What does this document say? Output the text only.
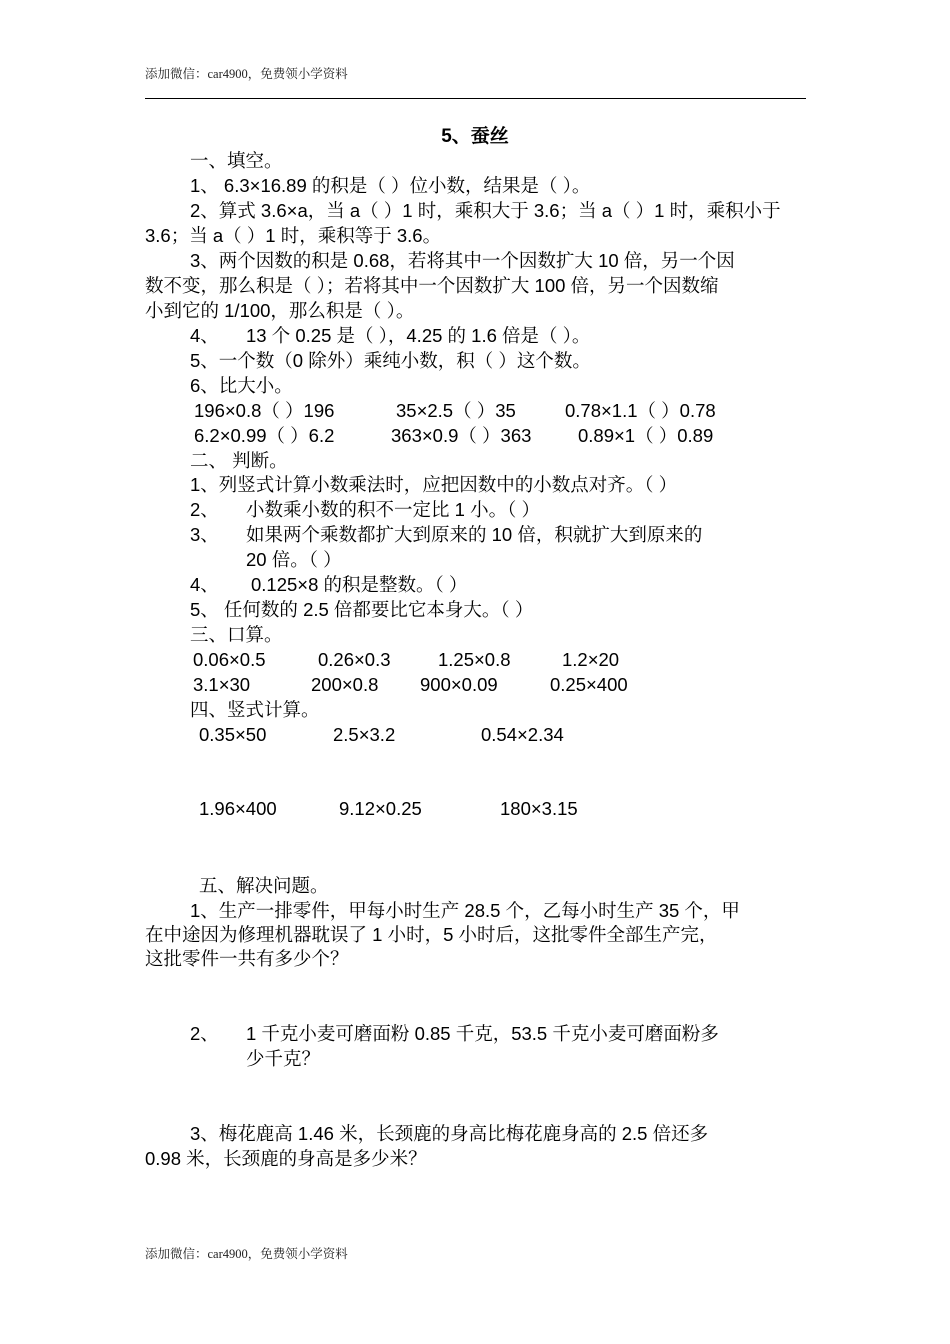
添加微信：car4900，免费领小学资料
5、蚕丝
一、填空。
1、 6.3×16.89 的积是（ ）位小数，结果是（ ）。
2、算式 3.6×a，当 a（ ）1 时，乘积大于 3.6；当 a（ ）1 时，乘积小于
3.6；当 a（ ）1 时，乘积等于 3.6。
3、两个因数的积是 0.68，若将其中一个因数扩大 10 倍，另一个因
数不变，那么积是（ ）；若将其中一个因数扩大 100 倍，另一个因数缩
小到它的 1/100，那么积是（ ）。
4、 13 个 0.25 是（ ），4.25 的 1.6 倍是（ ）。
5、一个数（0 除外）乘纯小数，积（ ）这个数。
6、比大小。
196×0.8（ ）196	35×2.5（ ）35	0.78×1.1（ ）0.78
6.2×0.99（ ）6.2	363×0.9（ ）363	0.89×1（ ）0.89
二、 判断。
1、列竖式计算小数乘法时，应把因数中的小数点对齐。（ ）
2、 小数乘小数的积不一定比 1 小。（ ）
3、 如果两个乘数都扩大到原来的 10 倍，积就扩大到原来的
20 倍。（ ）
4、 0.125×8 的积是整数。（ ）
5、 任何数的 2.5 倍都要比它本身大。（ ）
三、口算。
0.06×0.5	0.26×0.3	1.25×0.8	1.2×20
3.1×30	200×0.8 900×0.09	0.25×400
四、竖式计算。
0.35×50	2.5×3.2	0.54×2.34
1.96×400	9.12×0.25	180×3.15
五、解决问题。
1、生产一排零件，甲每小时生产 28.5 个，乙每小时生产 35 个，甲
在中途因为修理机器耽误了 1 小时，5 小时后，这批零件全部生产完，
这批零件一共有多少个？
2、 1 千克小麦可磨面粉 0.85 千克，53.5 千克小麦可磨面粉多
少千克？
3、梅花鹿高 1.46 米，长颈鹿的身高比梅花鹿身高的 2.5 倍还多
0.98 米，长颈鹿的身高是多少米？
添加微信：car4900，免费领小学资料
